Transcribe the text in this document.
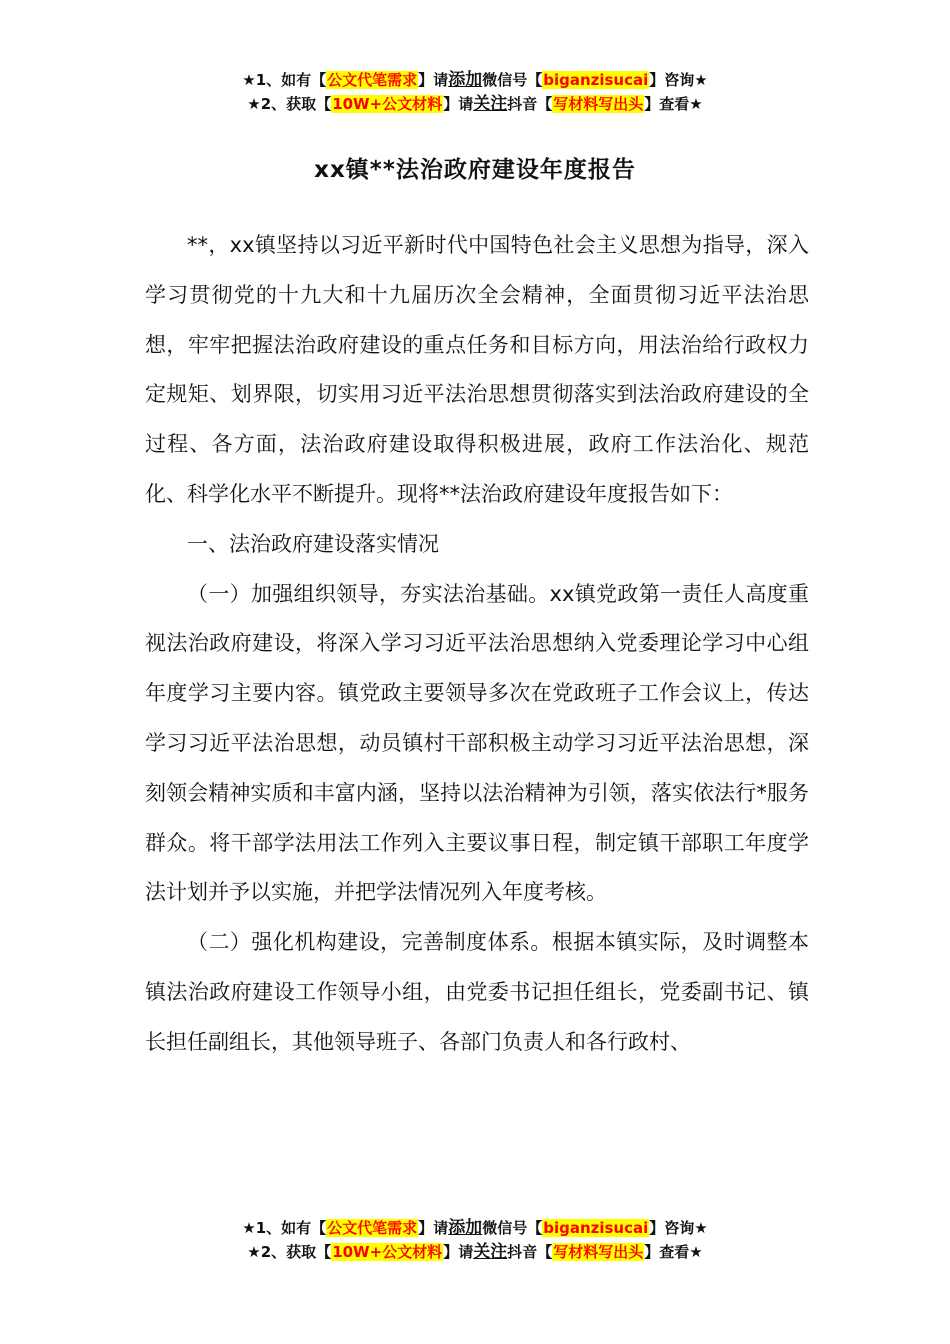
★1、如有【公文代笔需求】请添加微信号【biganzisucai】咨询★
★2、获取【10W+公文材料】请关注抖音【写材料写出头】查看★
xx镇**法治政府建设年度报告

**，xx镇坚持以习近平新时代中国特色社会主义思想为指导，深入学习贯彻党的十九大和十九届历次全会精神，全面贯彻习近平法治思想，牢牢把握法治政府建设的重点任务和目标方向，用法治给行政权力定规矩、划界限，切实用习近平法治思想贯彻落实到法治政府建设的全过程、各方面，法治政府建设取得积极进展，政府工作法治化、规范化、科学化水平不断提升。现将**法治政府建设年度报告如下：

一、法治政府建设落实情况

（一）加强组织领导，夯实法治基础。xx镇党政第一责任人高度重视法治政府建设，将深入学习习近平法治思想纳入党委理论学习中心组年度学习主要内容。镇党政主要领导多次在党政班子工作会议上，传达学习习近平法治思想，动员镇村干部积极主动学习习近平法治思想，深刻领会精神实质和丰富内涵，坚持以法治精神为引领，落实依法行*服务群众。将干部学法用法工作列入主要议事日程，制定镇干部职工年度学法计划并予以实施，并把学法情况列入年度考核。

（二）强化机构建设，完善制度体系。根据本镇实际，及时调整本镇法治政府建设工作领导小组，由党委书记担任组长，党委副书记、镇长担任副组长，其他领导班子、各部门负责人和各行政村、

★1、如有【公文代笔需求】请添加微信号【biganzisucai】咨询★
★2、获取【10W+公文材料】请关注抖音【写材料写出头】查看★
